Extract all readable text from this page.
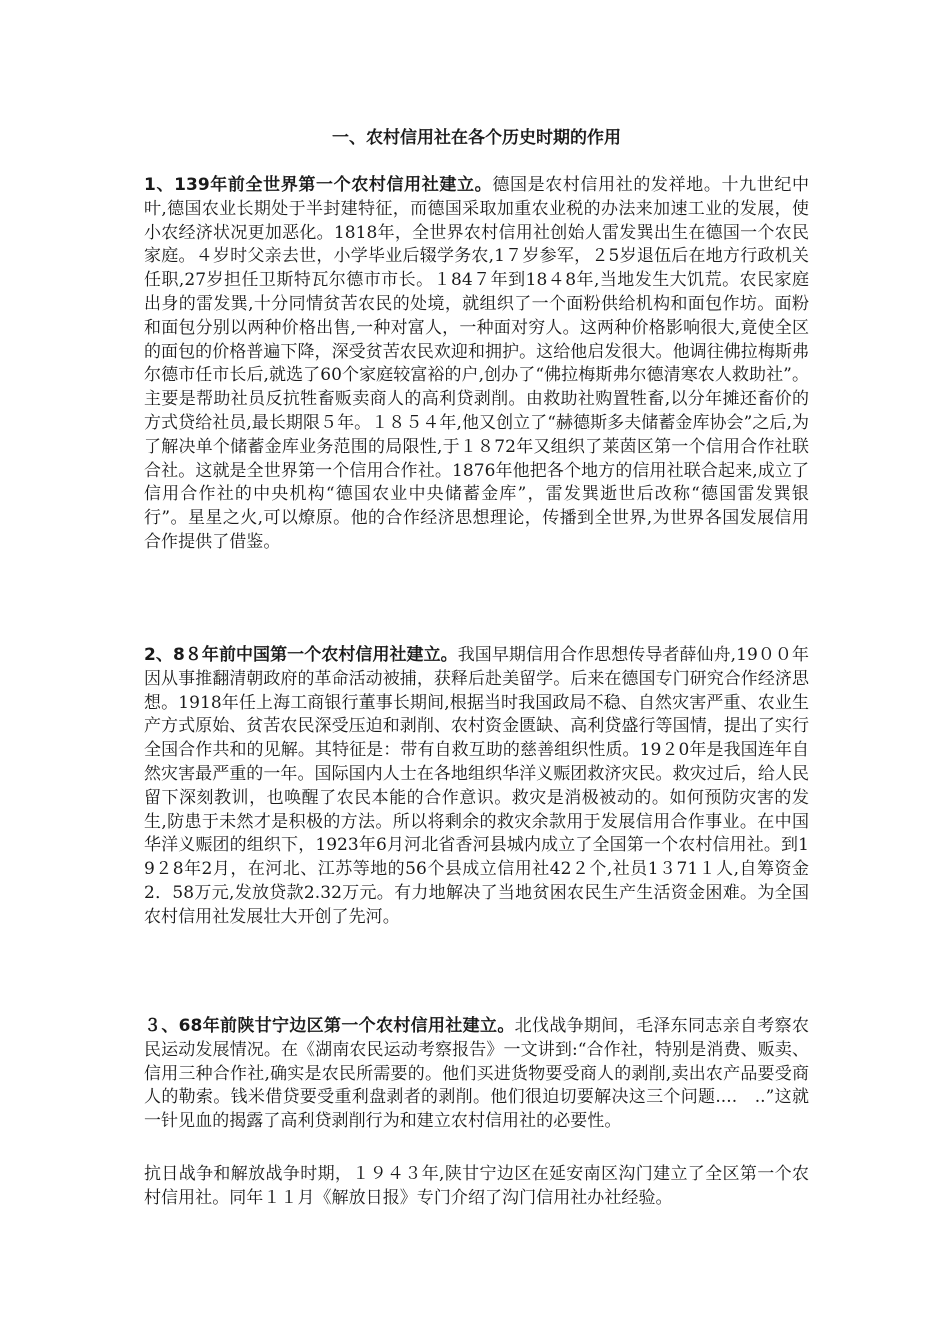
一、农村信用社在各个历史时期的作用

1、139年前全世界第一个农村信用社建立。德国是农村信用社的发祥地。十九世纪中叶,德国农业长期处于半封建特征，而德国采取加重农业税的办法来加速工业的发展，使小农经济状况更加恶化。1818年，全世界农村信用社创始人雷发巽出生在德国一个农民家庭。４岁时父亲去世，小学毕业后辍学务农,1７岁参军，２5岁退伍后在地方行政机关任职,27岁担任卫斯特瓦尔德市市长。１84７年到18４8年,当地发生大饥荒。农民家庭出身的雷发巽,十分同情贫苦农民的处境，就组织了一个面粉供给机构和面包作坊。面粉和面包分别以两种价格出售,一种对富人，一种面对穷人。这两种价格影响很大,竟使全区的面包的价格普遍下降，深受贫苦农民欢迎和拥护。这给他启发很大。他调往佛拉梅斯弗尔德市任市长后,就选了60个家庭较富裕的户,创办了“佛拉梅斯弗尔德清寒农人救助社”。主要是帮助社员反抗牲畜贩卖商人的高利贷剥削。由救助社购置牲畜,以分年摊还畜价的方式贷给社员,最长期限５年。１８５４年,他又创立了“赫德斯多夫储蓄金库协会”之后,为了解决单个储蓄金库业务范围的局限性,于１８72年又组织了莱茵区第一个信用合作社联合社。这就是全世界第一个信用合作社。1876年他把各个地方的信用社联合起来,成立了信用合作社的中央机构“德国农业中央储蓄金库”，雷发巽逝世后改称“德国雷发巽银行”。星星之火,可以燎原。他的合作经济思想理论，传播到全世界,为世界各国发展信用合作提供了借鉴。

2、8８年前中国第一个农村信用社建立。我国早期信用合作思想传导者薛仙舟,19００年因从事推翻清朝政府的革命活动被捕，获释后赴美留学。后来在德国专门研究合作经济思想。1918年任上海工商银行董事长期间,根据当时我国政局不稳、自然灾害严重、农业生产方式原始、贫苦农民深受压迫和剥削、农村资金匮缺、高利贷盛行等国情，提出了实行全国合作共和的见解。其特征是：带有自救互助的慈善组织性质。19２0年是我国连年自然灾害最严重的一年。国际国内人士在各地组织华洋义赈团救济灾民。救灾过后，给人民留下深刻教训，也唤醒了农民本能的合作意识。救灾是消极被动的。如何预防灾害的发生,防患于未然才是积极的方法。所以将剩余的救灾余款用于发展信用合作事业。在中国华洋义赈团的组织下，1923年6月河北省香河县城内成立了全国第一个农村信用社。到19２8年2月，在河北、江苏等地的56个县成立信用社42２个,社员1３71１人,自筹资金2．58万元,发放贷款2.32万元。有力地解决了当地贫困农民生产生活资金困难。为全国农村信用社发展壮大开创了先河。

３、68年前陕甘宁边区第一个农村信用社建立。北伐战争期间，毛泽东同志亲自考察农民运动发展情况。在《湖南农民运动考察报告》一文讲到:“合作社，特别是消费、贩卖、信用三种合作社,确实是农民所需要的。他们买进货物要受商人的剥削,卖出农产品要受商人的勒索。钱米借贷要受重利盘剥者的剥削。他们很迫切要解决这三个问题....　..”这就一针见血的揭露了高利贷剥削行为和建立农村信用社的必要性。

抗日战争和解放战争时期，１９４３年,陕甘宁边区在延安南区沟门建立了全区第一个农村信用社。同年１１月《解放日报》专门介绍了沟门信用社办社经验。
